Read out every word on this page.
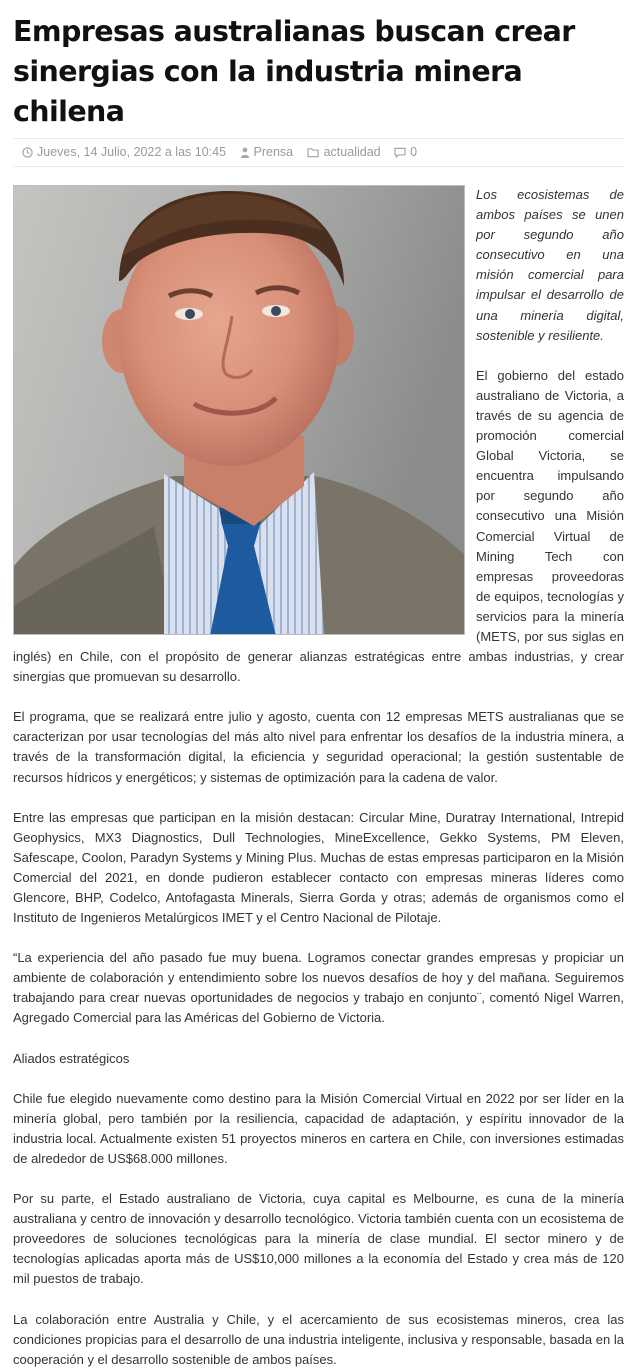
Empresas australianas buscan crear sinergias con la industria minera chilena
Jueves, 14 Julio, 2022 a las 10:45
Prensa
actualidad
0

Los ecosistemas de ambos países se unen por segundo año consecutivo en una misión comercial para impulsar el desarrollo de una minería digital, sostenible y resiliente.

El gobierno del estado australiano de Victoria, a través de su agencia de promoción comercial Global Victoria, se encuentra impulsando por segundo año consecutivo una Misión Comercial Virtual de Mining Tech con empresas proveedoras de equipos, tecnologías y servicios para la minería (METS, por sus siglas en inglés) en Chile, con el propósito de generar alianzas estratégicas entre ambas industrias, y crear sinergias que promuevan su desarrollo.

El programa, que se realizará entre julio y agosto, cuenta con 12 empresas METS australianas que se caracterizan por usar tecnologías del más alto nivel para enfrentar los desafíos de la industria minera, a través de la transformación digital, la eficiencia y seguridad operacional; la gestión sustentable de recursos hídricos y energéticos; y sistemas de optimización para la cadena de valor.

Entre las empresas que participan en la misión destacan: Circular Mine, Duratray International, Intrepid Geophysics, MX3 Diagnostics, Dull Technologies, MineExcellence, Gekko Systems, PM Eleven, Safescape, Coolon, Paradyn Systems y Mining Plus. Muchas de estas empresas participaron en la Misión Comercial del 2021, en donde pudieron establecer contacto con empresas mineras líderes como Glencore, BHP, Codelco, Antofagasta Minerals, Sierra Gorda y otras; además de organismos como el Instituto de Ingenieros Metalúrgicos IMET y el Centro Nacional de Pilotaje.

“La experiencia del año pasado fue muy buena. Logramos conectar grandes empresas y propiciar un ambiente de colaboración y entendimiento sobre los nuevos desafíos de hoy y del mañana. Seguiremos trabajando para crear nuevas oportunidades de negocios y trabajo en conjunto¨, comentó Nigel Warren, Agregado Comercial para las Américas del Gobierno de Victoria.

Aliados estratégicos

Chile fue elegido nuevamente como destino para la Misión Comercial Virtual en 2022 por ser líder en la minería global, pero también por la resiliencia, capacidad de adaptación, y espíritu innovador de la industria local. Actualmente existen 51 proyectos mineros en cartera en Chile, con inversiones estimadas de alrededor de US$68.000 millones.

Por su parte, el Estado australiano de Victoria, cuya capital es Melbourne, es cuna de la minería australiana y centro de innovación y desarrollo tecnológico. Victoria también cuenta con un ecosistema de proveedores de soluciones tecnológicas para la minería de clase mundial. El sector minero y de tecnologías aplicadas aporta más de US$10,000 millones a la economía del Estado y crea más de 120 mil puestos de trabajo.

La colaboración entre Australia y Chile, y el acercamiento de sus ecosistemas mineros, crea las condiciones propicias para el desarrollo de una industria inteligente, inclusiva y responsable, basada en la cooperación y el desarrollo sostenible de ambos países.
